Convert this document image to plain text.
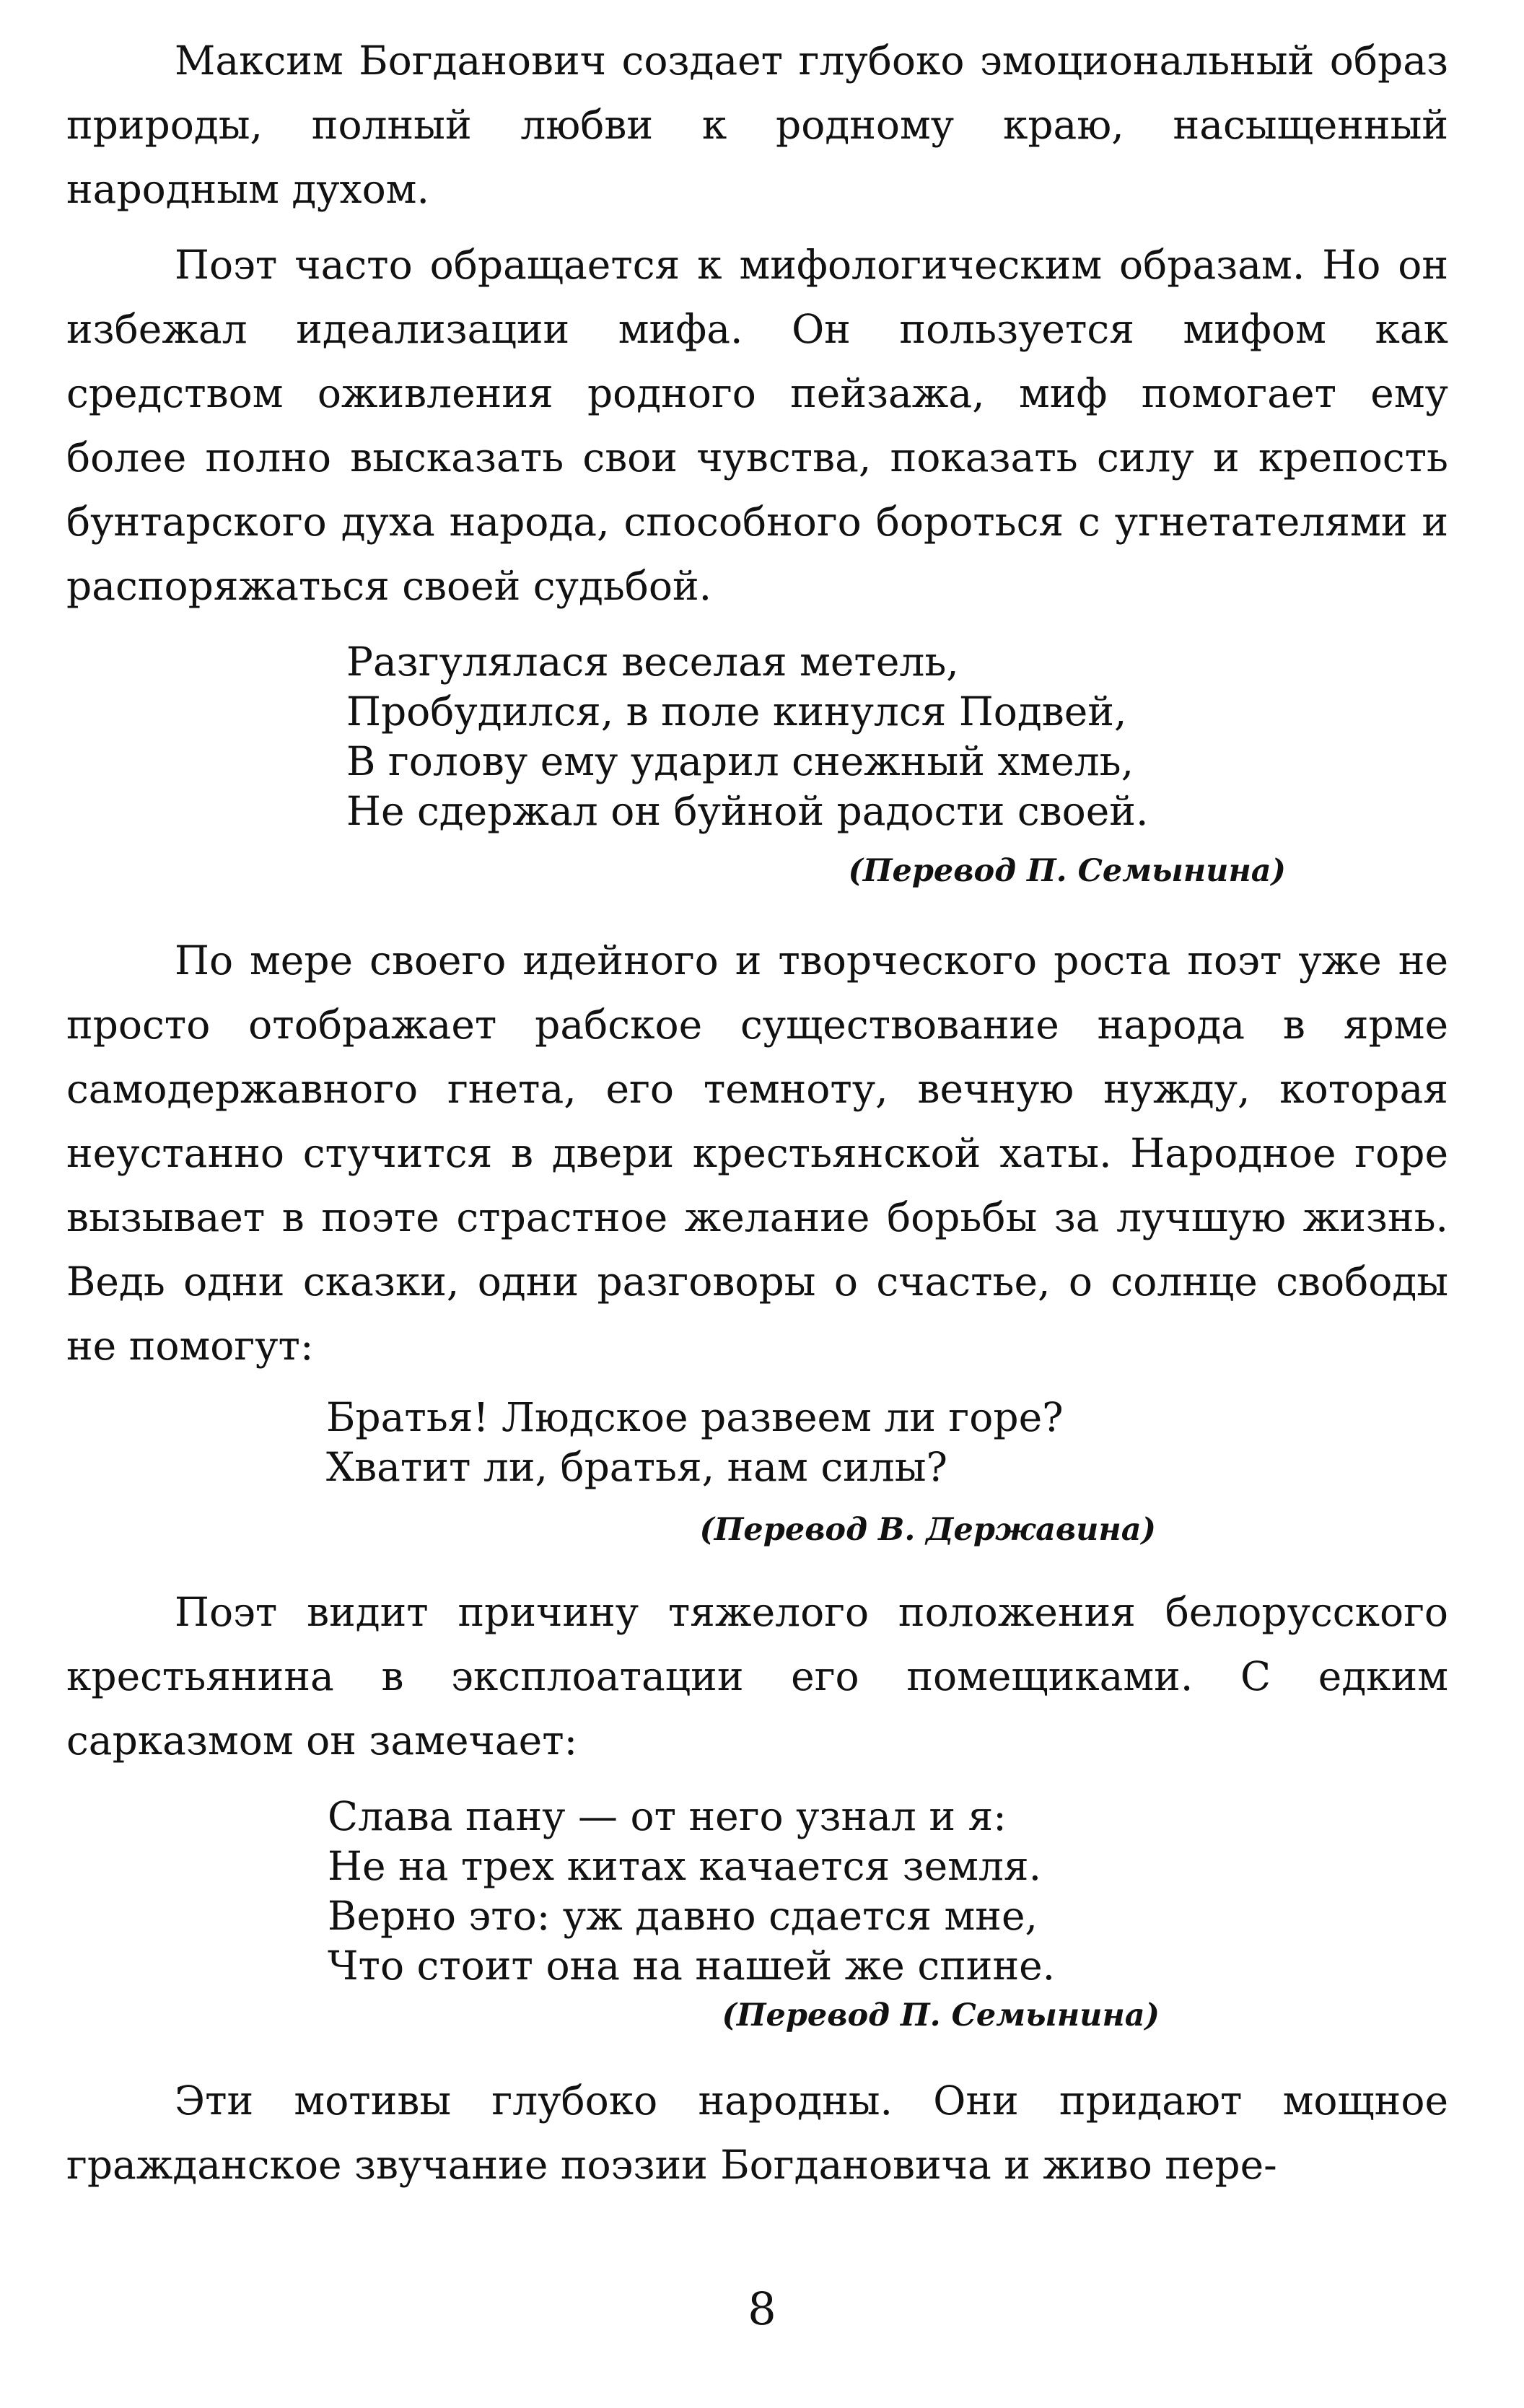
Максим Богданович создает глубоко эмоциональный образ природы, полный любви к родному краю, насыщенный народным духом.

Поэт часто обращается к мифологическим образам. Но он избежал идеализации мифа. Он пользуется мифом как средством оживления родного пейзажа, миф помогает ему более полно высказать свои чувства, показать силу и крепость бунтарского духа народа, способного бороться с угнетателями и распоряжаться своей судьбой.

Разгулялася веселая метель,
Пробудился, в поле кинулся Подвей,
В голову ему ударил снежный хмель,
Не сдержал он буйной радости своей.

(Перевод П. Семынина)

По мере своего идейного и творческого роста поэт уже не просто отображает рабское существование народа в ярме самодержавного гнета, его темноту, вечную нужду, которая неустанно стучится в двери крестьянской хаты. Народное горе вызывает в поэте страстное желание борьбы за лучшую жизнь. Ведь одни сказки, одни разговоры о счастье, о солнце свободы не помогут:

Братья! Людское развеем ли горе?
Хватит ли, братья, нам силы?

(Перевод В. Державина)

Поэт видит причину тяжелого положения белорусского крестьянина в эксплоатации его помещиками. С едким сарказмом он замечает:

Слава пану — от него узнал и я:
Не на трех китах качается земля.
Верно это: уж давно сдается мне,
Что стоит она на нашей же спине.

(Перевод П. Семынина)

Эти мотивы глубоко народны. Они придают мощное гражданское звучание поэзии Богдановича и живо пере-

8
